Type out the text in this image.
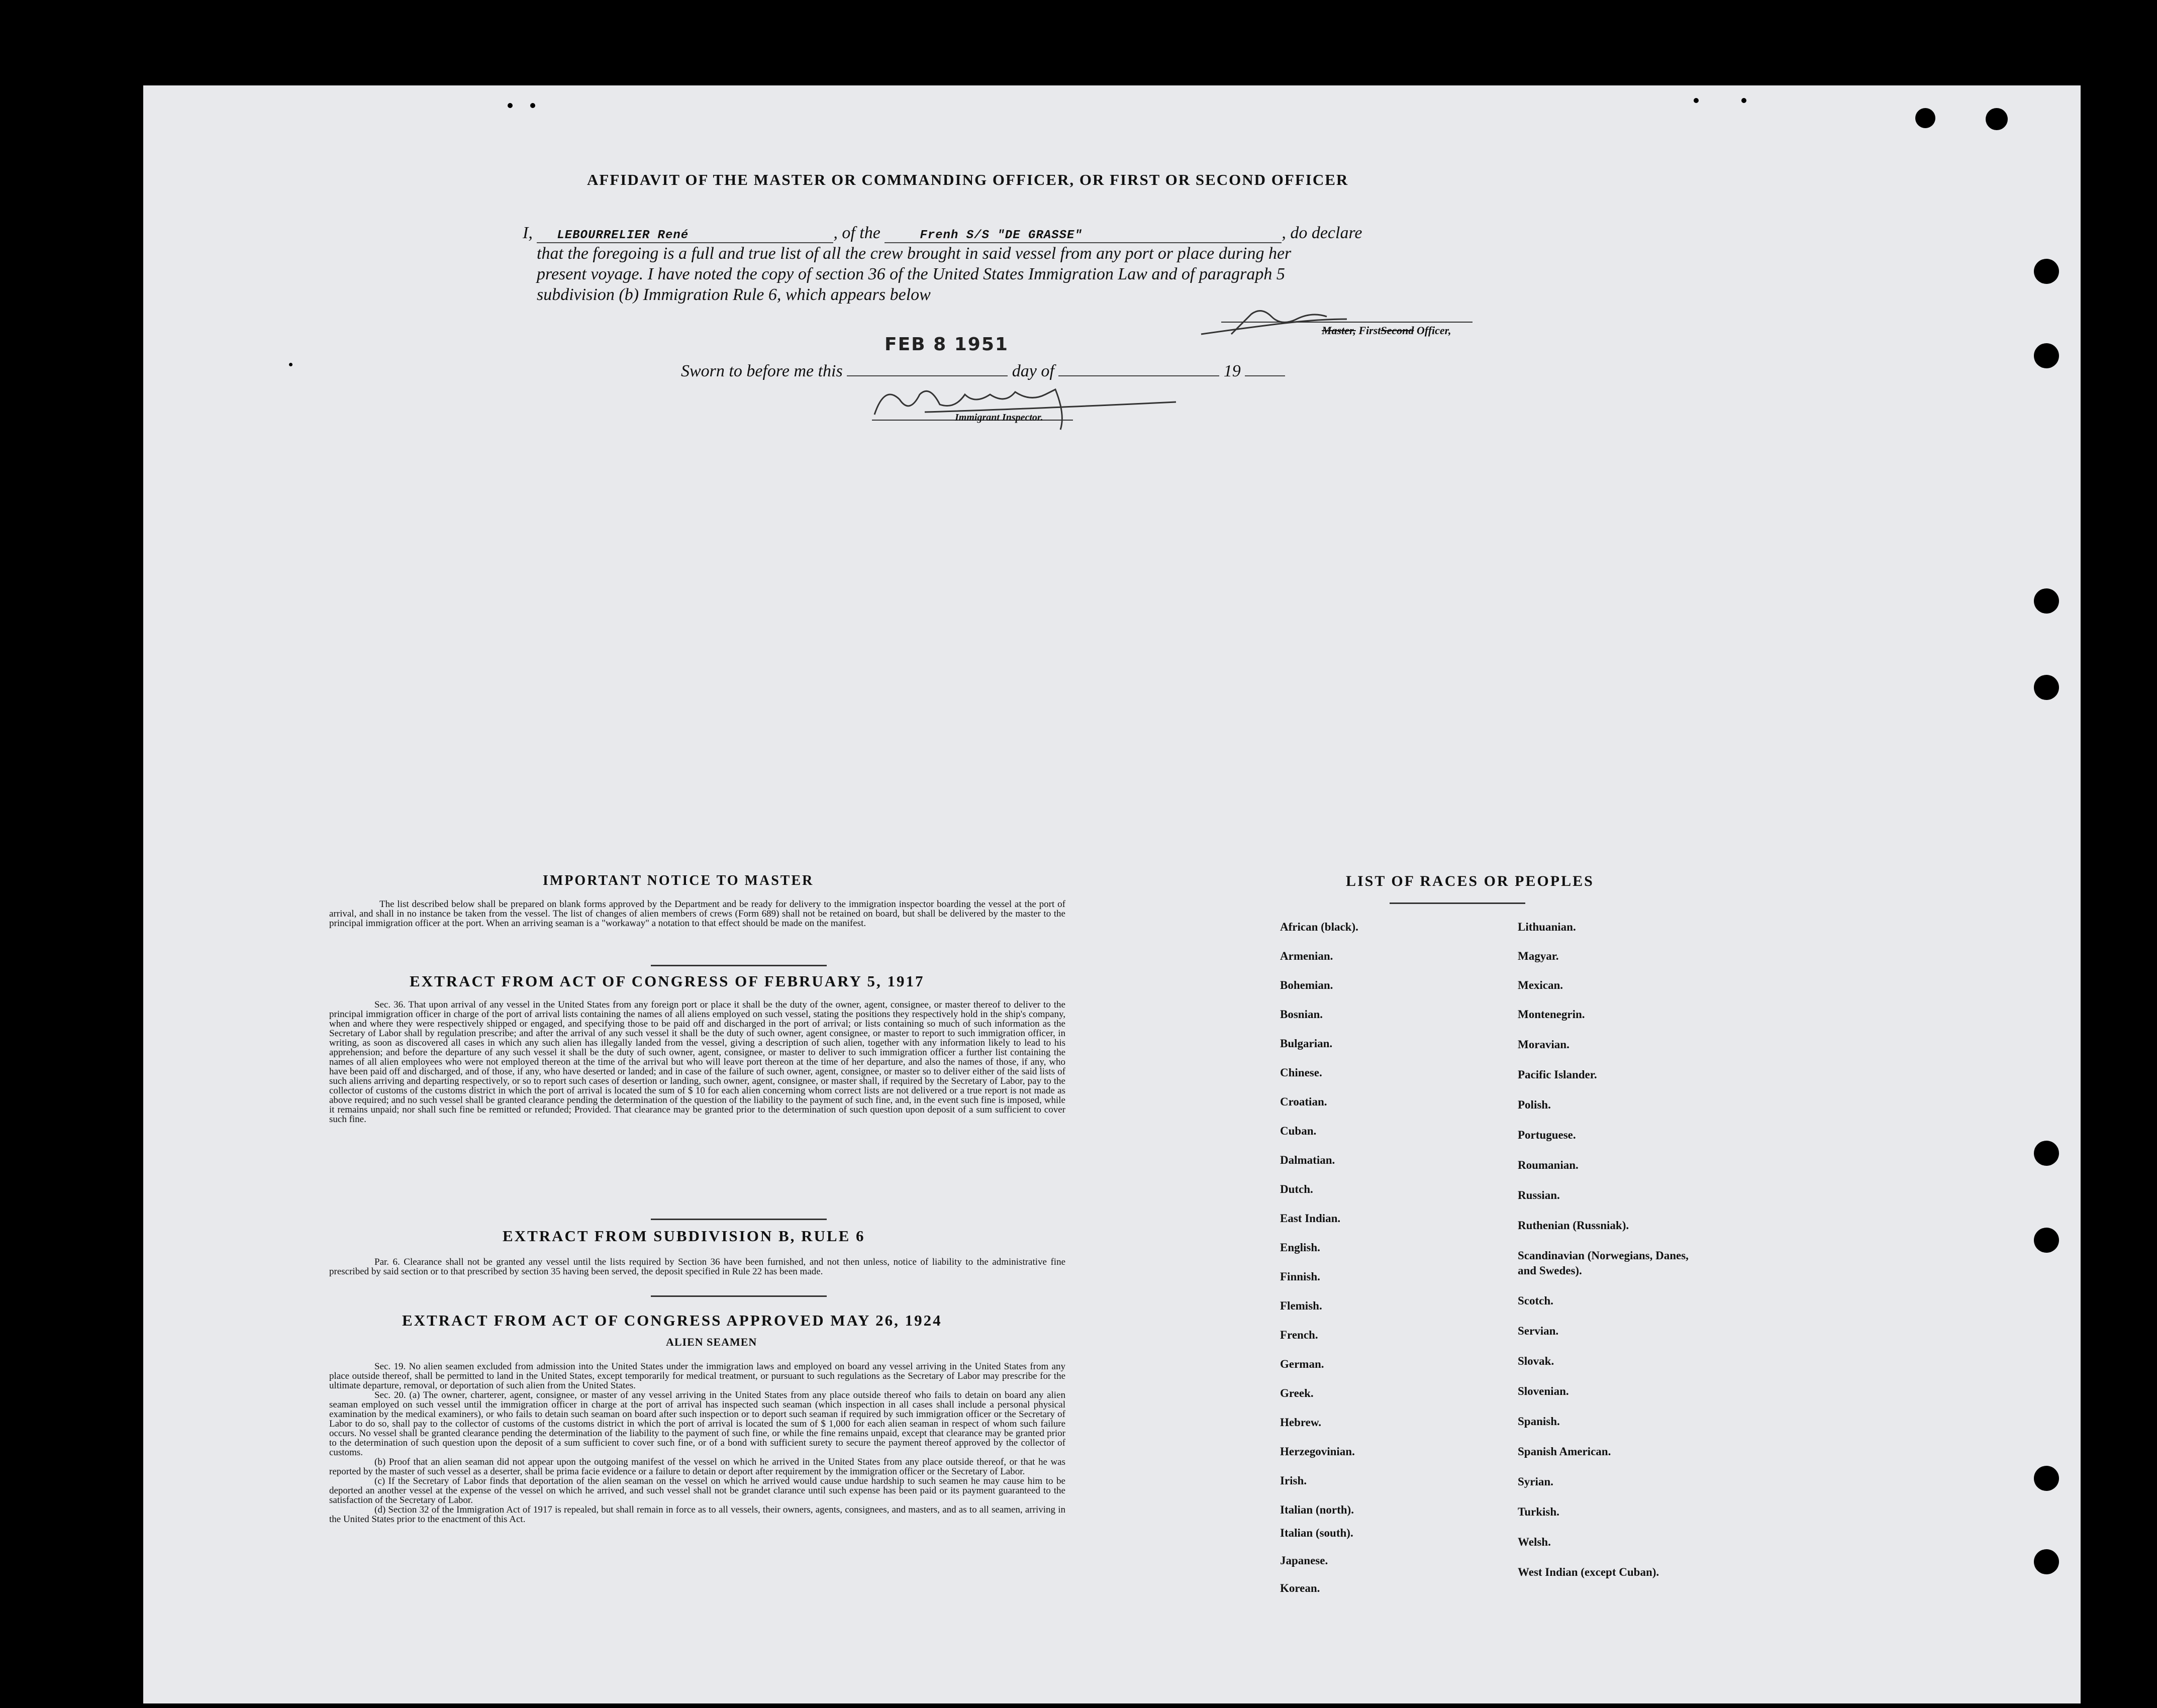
AFFIDAVIT OF THE MASTER OR COMMANDING OFFICER, OR FIRST OR SECOND OFFICER
I, LEBOURRELIER René	, of the	Frenh S/S "DE GRASSE"	, do declare
that the foregoing is a full and true list of all the crew brought in said vessel from any port or place during her
present voyage. I have noted the copy of section 36 of the United States Immigration Law and of paragraph 5
subdivision (b) Immigration Rule 6, which appears below
Master, FirstSecond Officer,
FEB 8 1951
Sworn to before me this	day of	19
Immigrant Inspector.
IMPORTANT NOTICE TO MASTER
The list described below shall be prepared on blank forms approved by the Department and be ready for delivery to the immigration inspector boarding the vessel at the port of arrival, and shall in no instance be taken from the vessel. The list of changes of alien members of crews (Form 689) shall not be retained on board, but shall be delivered by the master to the principal immigration officer at the port. When an arriving seaman is a "workaway" a notation to that effect should be made on the manifest.
EXTRACT FROM ACT OF CONGRESS OF FEBRUARY 5, 1917
Sec. 36. That upon arrival of any vessel in the United States from any foreign port or place it shall be the duty of the owner, agent, consignee, or master thereof to deliver to the principal immigration officer in charge of the port of arrival lists containing the names of all aliens employed on such vessel, stating the positions they respectively hold in the ship's company, when and where they were respectively shipped or engaged, and specifying those to be paid off and discharged in the port of arrival; or lists containing so much of such information as the Secretary of Labor shall by regulation prescribe; and after the arrival of any such vessel it shall be the duty of such owner, agent consignee, or master to report to such immigration officer, in writing, as soon as discovered all cases in which any such alien has illegally landed from the vessel, giving a description of such alien, together with any information likely to lead to his apprehension; and before the departure of any such vessel it shall be the duty of such owner, agent, consignee, or master to deliver to such immigration officer a further list containing the names of all alien employees who were not employed thereon at the time of the arrival but who will leave port thereon at the time of her departure, and also the names of those, if any, who have been paid off and discharged, and of those, if any, who have deserted or landed; and in case of the failure of such owner, agent, consignee, or master so to deliver either of the said lists of such aliens arriving and departing respectively, or so to report such cases of desertion or landing, such owner, agent, consignee, or master shall, if required by the Secretary of Labor, pay to the collector of customs of the customs district in which the port of arrival is located the sum of $ 10 for each alien concerning whom correct lists are not delivered or a true report is not made as above required; and no such vessel shall be granted clearance pending the determination of the question of the liability to the payment of such fine, and, in the event such fine is imposed, while it remains unpaid; nor shall such fine be remitted or refunded; Provided. That clearance may be granted prior to the determination of such question upon deposit of a sum sufficient to cover such fine.
EXTRACT FROM SUBDIVISION B, RULE 6
Par. 6. Clearance shall not be granted any vessel until the lists required by Section 36 have been furnished, and not then unless, notice of liability to the administrative fine prescribed by said section or to that prescribed by section 35 having been served, the deposit specified in Rule 22 has been made.
EXTRACT FROM ACT OF CONGRESS APPROVED MAY 26, 1924
ALIEN SEAMEN
Sec. 19. No alien seamen excluded from admission into the United States under the immigration laws and employed on board any vessel arriving in the United States from any place outside thereof, shall be permitted to land in the United States, except temporarily for medical treatment, or pursuant to such regulations as the Secretary of Labor may prescribe for the ultimate departure, removal, or deportation of such alien from the United States.
Sec. 20. (a) The owner, charterer, agent, consignee, or master of any vessel arriving in the United States from any place outside thereof who fails to detain on board any alien seaman employed on such vessel until the immigration officer in charge at the port of arrival has inspected such seaman (which inspection in all cases shall include a personal physical examination by the medical examiners), or who fails to detain such seaman on board after such inspection or to deport such seaman if required by such immigration officer or the Secretary of Labor to do so, shall pay to the collector of customs of the customs district in which the port of arrival is located the sum of $ 1,000 for each alien seaman in respect of whom such failure occurs. No vessel shall be granted clearance pending the determination of the liability to the payment of such fine, or while the fine remains unpaid, except that clearance may be granted prior to the determination of such question upon the deposit of a sum sufficient to cover such fine, or of a bond with sufficient surety to secure the payment thereof approved by the collector of customs.
(b) Proof that an alien seaman did not appear upon the outgoing manifest of the vessel on which he arrived in the United States from any place outside thereof, or that he was reported by the master of such vessel as a deserter, shall be prima facie evidence or a failure to detain or deport after requirement by the immigration officer or the Secretary of Labor.
(c) If the Secretary of Labor finds that deportation of the alien seaman on the vessel on which he arrived would cause undue hardship to such seamen he may cause him to be deported an another vessel at the expense of the vessel on which he arrived, and such vessel shall not be grandet clarance until such expense has been paid or its payment guaranteed to the satisfaction of the Secretary of Labor.
(d) Section 32 of the Immigration Act of 1917 is repealed, but shall remain in force as to all vessels, their owners, agents, consignees, and masters, and as to all seamen, arriving in the United States prior to the enactment of this Act.
LIST OF RACES OR PEOPLES
African (black).
Armenian.
Bohemian.
Bosnian.
Bulgarian.
Chinese.
Croatian.
Cuban.
Dalmatian.
Dutch.
East Indian.
English.
Finnish.
Flemish.
French.
German.
Greek.
Hebrew.
Herzegovinian.
Irish.
Italian (north).
Italian (south).
Japanese.
Korean.
Lithuanian.
Magyar.
Mexican.
Montenegrin.
Moravian.
Pacific Islander.
Polish.
Portuguese.
Roumanian.
Russian.
Ruthenian (Russniak).
Scandinavian (Norwegians, Danes, and Swedes).
Scotch.
Servian.
Slovak.
Slovenian.
Spanish.
Spanish American.
Syrian.
Turkish.
Welsh.
West Indian (except Cuban).
